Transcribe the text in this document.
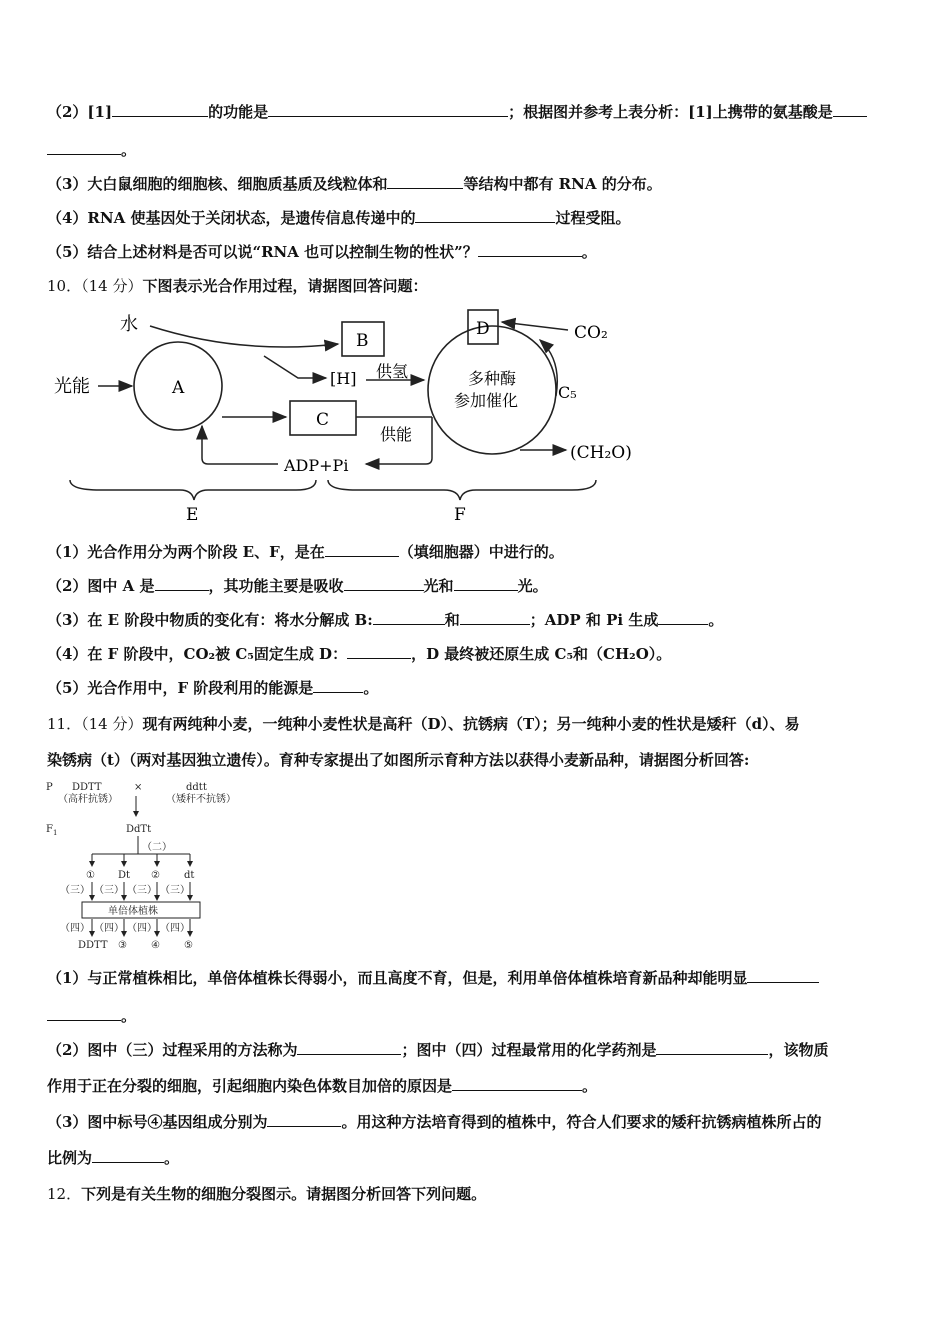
（2）[1]	的功能是	；根据图并参考上表分析：[1]上携带的氨基酸是
。
（3）大白鼠细胞的细胞核、细胞质基质及线粒体和	等结构中都有 RNA 的分布。
（4）RNA 使基因处于关闭状态，是遗传信息传递中的	过程受阻。
（5）结合上述材料是否可以说“RNA 也可以控制生物的性状”？	。
10．（14 分）下图表示光合作用过程，请据图回答问题：
水
光能	A
B
[H] 供氢
C
供能
ADP+Pi
多种酶
参加催化
D	CO₂
C₅
(CH₂O)
E	F
（1）光合作用分为两个阶段 E、F，是在	（填细胞器）中进行的。
（2）图中 A 是	，其功能主要是吸收	光和	光。
（3）在 E 阶段中物质的变化有：将水分解成 B:	和	；ADP 和 Pi 生成	。
（4）在 F 阶段中，CO₂被 C₅固定生成 D：	，D 最终被还原生成 C₅和（CH₂O）。
（5）光合作用中，F 阶段利用的能源是	。
11．（14 分）现有两纯种小麦，一纯种小麦性状是高秆（D）、抗锈病（T）；另一纯种小麦的性状是矮秆（d）、易
染锈病（t）（两对基因独立遗传）。育种专家提出了如图所示育种方法以获得小麦新品种，请据图分析回答:
P DDTT
（高秆抗锈）
×	ddtt
（矮秆不抗锈）
F 1	DdTt
（二）
① Dt ② dt
（三） （三） （三） （三）
单倍体植株
（四） （四） （四） （四）
DDTT ③ ④ ⑤
（1）与正常植株相比，单倍体植株长得弱小，而且高度不育，但是，利用单倍体植株培育新品种却能明显
。
（2）图中（三）过程采用的方法称为	；图中（四）过程最常用的化学药剂是	，该物质
作用于正在分裂的细胞，引起细胞内染色体数目加倍的原因是	。
（3）图中标号④基因组成分别为	。用这种方法培育得到的植株中，符合人们要求的矮秆抗锈病植株所占的
比例为	。
12．下列是有关生物的细胞分裂图示。请据图分析回答下列问题。
